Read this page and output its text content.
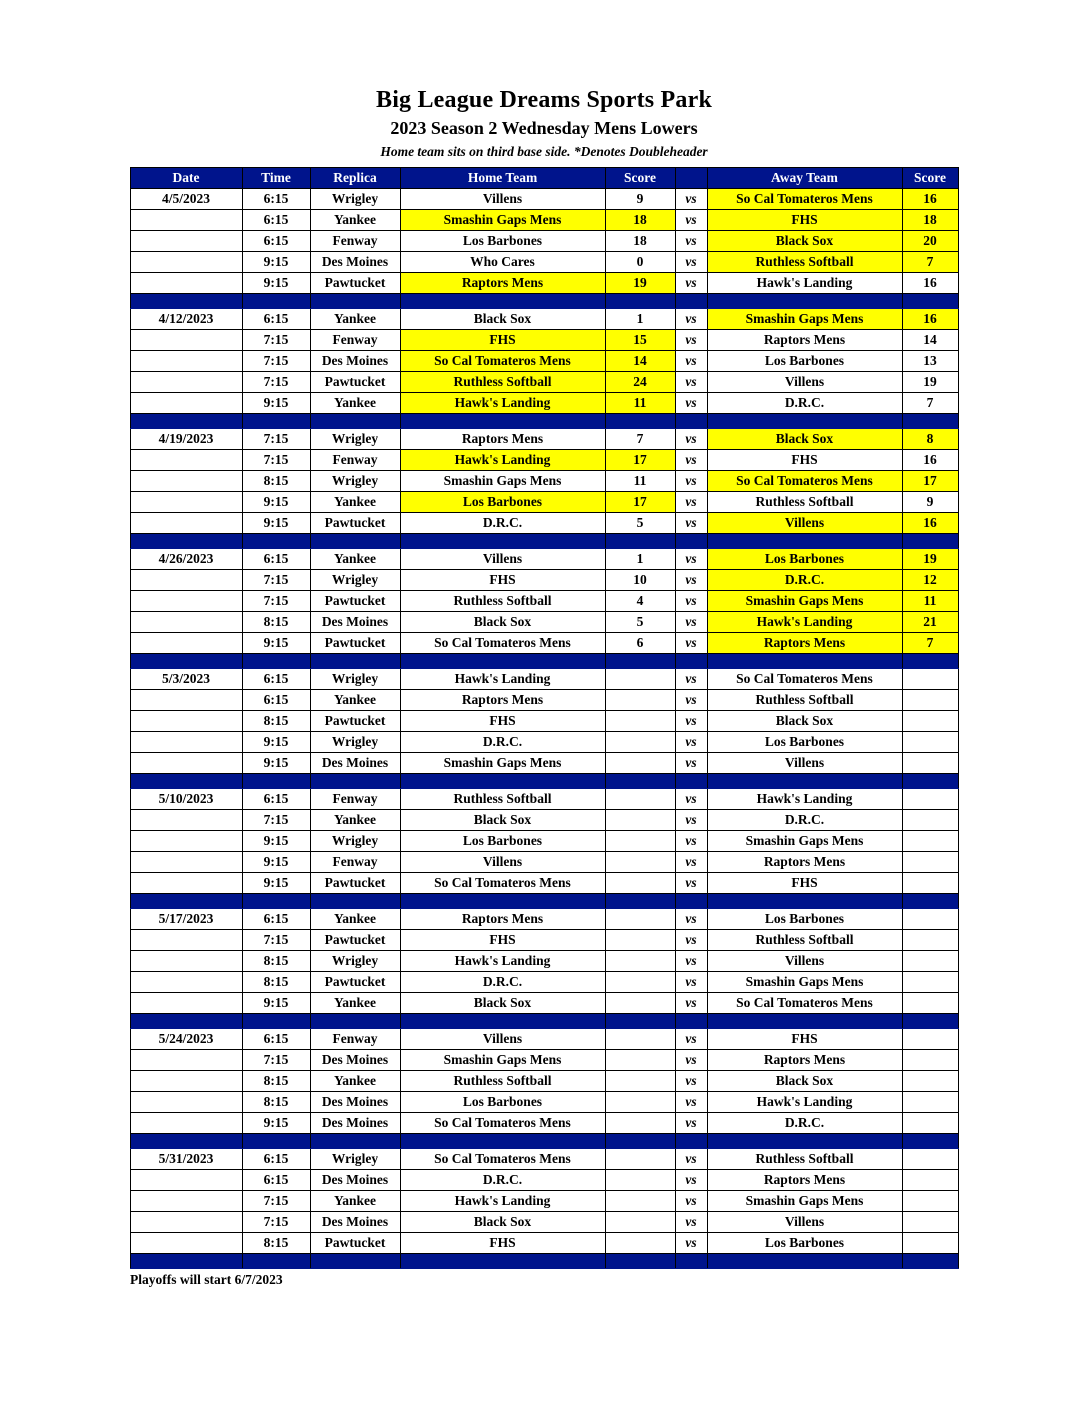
Big League Dreams Sports Park
2023 Season 2 Wednesday Mens Lowers
Home team sits on third base side. *Denotes Doubleheader
Date	Time	Replica	Home Team	Score		Away Team	Score
4/5/2023	6:15	Wrigley	Villens	9	vs	So Cal Tomateros Mens	16
	6:15	Yankee	Smashin Gaps Mens	18	vs	FHS	18
	6:15	Fenway	Los Barbones	18	vs	Black Sox	20
	9:15	Des Moines	Who Cares	0	vs	Ruthless Softball	7
	9:15	Pawtucket	Raptors Mens	19	vs	Hawk's Landing	16

4/12/2023	6:15	Yankee	Black Sox	1	vs	Smashin Gaps Mens	16
	7:15	Fenway	FHS	15	vs	Raptors Mens	14
	7:15	Des Moines	So Cal Tomateros Mens	14	vs	Los Barbones	13
	7:15	Pawtucket	Ruthless Softball	24	vs	Villens	19
	9:15	Yankee	Hawk's Landing	11	vs	D.R.C.	7

4/19/2023	7:15	Wrigley	Raptors Mens	7	vs	Black Sox	8
	7:15	Fenway	Hawk's Landing	17	vs	FHS	16
	8:15	Wrigley	Smashin Gaps Mens	11	vs	So Cal Tomateros Mens	17
	9:15	Yankee	Los Barbones	17	vs	Ruthless Softball	9
	9:15	Pawtucket	D.R.C.	5	vs	Villens	16

4/26/2023	6:15	Yankee	Villens	1	vs	Los Barbones	19
	7:15	Wrigley	FHS	10	vs	D.R.C.	12
	7:15	Pawtucket	Ruthless Softball	4	vs	Smashin Gaps Mens	11
	8:15	Des Moines	Black Sox	5	vs	Hawk's Landing	21
	9:15	Pawtucket	So Cal Tomateros Mens	6	vs	Raptors Mens	7

5/3/2023	6:15	Wrigley	Hawk's Landing		vs	So Cal Tomateros Mens	
	6:15	Yankee	Raptors Mens		vs	Ruthless Softball	
	8:15	Pawtucket	FHS		vs	Black Sox	
	9:15	Wrigley	D.R.C.		vs	Los Barbones	
	9:15	Des Moines	Smashin Gaps Mens		vs	Villens	

5/10/2023	6:15	Fenway	Ruthless Softball		vs	Hawk's Landing	
	7:15	Yankee	Black Sox		vs	D.R.C.	
	9:15	Wrigley	Los Barbones		vs	Smashin Gaps Mens	
	9:15	Fenway	Villens		vs	Raptors Mens	
	9:15	Pawtucket	So Cal Tomateros Mens		vs	FHS	

5/17/2023	6:15	Yankee	Raptors Mens		vs	Los Barbones	
	7:15	Pawtucket	FHS		vs	Ruthless Softball	
	8:15	Wrigley	Hawk's Landing		vs	Villens	
	8:15	Pawtucket	D.R.C.		vs	Smashin Gaps Mens	
	9:15	Yankee	Black Sox		vs	So Cal Tomateros Mens	

5/24/2023	6:15	Fenway	Villens		vs	FHS	
	7:15	Des Moines	Smashin Gaps Mens		vs	Raptors Mens	
	8:15	Yankee	Ruthless Softball		vs	Black Sox	
	8:15	Des Moines	Los Barbones		vs	Hawk's Landing	
	9:15	Des Moines	So Cal Tomateros Mens		vs	D.R.C.	

5/31/2023	6:15	Wrigley	So Cal Tomateros Mens		vs	Ruthless Softball	
	6:15	Des Moines	D.R.C.		vs	Raptors Mens	
	7:15	Yankee	Hawk's Landing		vs	Smashin Gaps Mens	
	7:15	Des Moines	Black Sox		vs	Villens	
	8:15	Pawtucket	FHS		vs	Los Barbones	

Playoffs will start 6/7/2023
